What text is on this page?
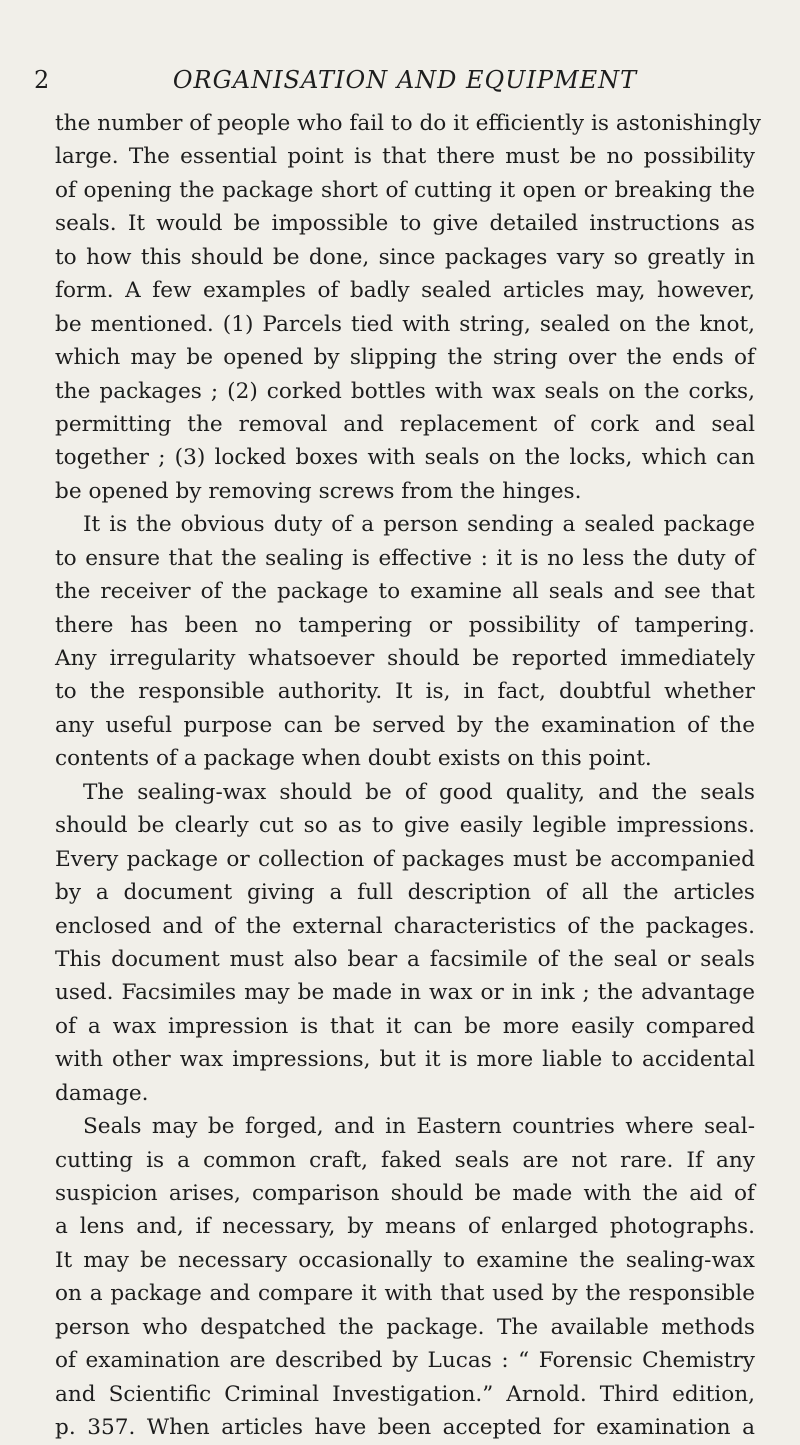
2	ORGANISATION AND EQUIPMENT
the number of people who fail to do it efficiently is astonishingly
large. The essential point is that there must be no possibility
of opening the package short of cutting it open or breaking the
seals. It would be impossible to give detailed instructions as
to how this should be done, since packages vary so greatly in
form. A few examples of badly sealed articles may, however,
be mentioned. (1) Parcels tied with string, sealed on the knot,
which may be opened by slipping the string over the ends of
the packages ; (2) corked bottles with wax seals on the corks,
permitting the removal and replacement of cork and seal
together ; (3) locked boxes with seals on the locks, which can
be opened by removing screws from the hinges.
It is the obvious duty of a person sending a sealed package
to ensure that the sealing is effective : it is no less the duty of
the receiver of the package to examine all seals and see that
there has been no tampering or possibility of tampering.
Any irregularity whatsoever should be reported immediately
to the responsible authority. It is, in fact, doubtful whether
any useful purpose can be served by the examination of the
contents of a package when doubt exists on this point.
The sealing-wax should be of good quality, and the seals
should be clearly cut so as to give easily legible impressions.
Every package or collection of packages must be accompanied
by a document giving a full description of all the articles
enclosed and of the external characteristics of the packages.
This document must also bear a facsimile of the seal or seals
used. Facsimiles may be made in wax or in ink ; the advantage
of a wax impression is that it can be more easily compared
with other wax impressions, but it is more liable to accidental
damage.
Seals may be forged, and in Eastern countries where seal-
cutting is a common craft, faked seals are not rare. If any
suspicion arises, comparison should be made with the aid of
a lens and, if necessary, by means of enlarged photographs.
It may be necessary occasionally to examine the sealing-wax
on a package and compare it with that used by the responsible
person who despatched the package. The available methods
of examination are described by Lucas : “ Forensic Chemistry
and Scientific Criminal Investigation.” Arnold. Third edition,
p. 357. When articles have been accepted for examination a
